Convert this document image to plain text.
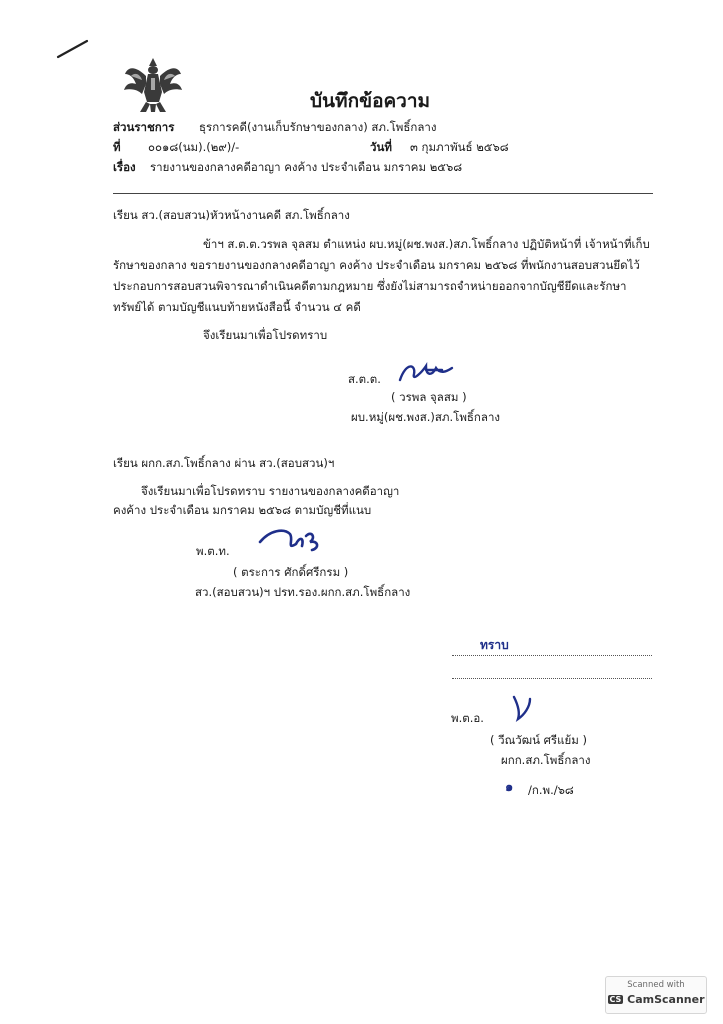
บันทึกข้อความ
ส่วนราชการ ธุรการคดี(งานเก็บรักษาของกลาง) สภ.โพธิ์กลาง
ที่ ๐๐๑๘(นม).(๒๙)/-	วันที่ ๓ กุมภาพันธ์ ๒๕๖๘
เรื่อง รายงานของกลางคดีอาญา คงค้าง ประจำเดือน มกราคม ๒๕๖๘
เรียน สว.(สอบสวน)หัวหน้างานคดี สภ.โพธิ์กลาง
ข้าฯ ส.ต.ต.วรพล จุลสม ตำแหน่ง ผบ.หมู่(ผช.พงส.)สภ.โพธิ์กลาง ปฏิบัติหน้าที่ เจ้าหน้าที่เก็บ
รักษาของกลาง ขอรายงานของกลางคดีอาญา คงค้าง ประจำเดือน มกราคม ๒๕๖๘ ที่พนักงานสอบสวนยึดไว้
ประกอบการสอบสวนพิจารณาดำเนินคดีตามกฎหมาย ซึ่งยังไม่สามารถจำหน่ายออกจากบัญชียึดและรักษา
ทรัพย์ได้ ตามบัญชีแนบท้ายหนังสือนี้ จำนวน ๔ คดี
จึงเรียนมาเพื่อโปรดทราบ
ส.ต.ต.
( วรพล จุลสม )
ผบ.หมู่(ผช.พงส.)สภ.โพธิ์กลาง
เรียน ผกก.สภ.โพธิ์กลาง ผ่าน สว.(สอบสวน)ฯ
จึงเรียนมาเพื่อโปรดทราบ รายงานของกลางคดีอาญา
คงค้าง ประจำเดือน มกราคม ๒๕๖๘ ตามบัญชีที่แนบ
พ.ต.ท.
( ตระการ ศักดิ์ศรีกรม )
สว.(สอบสวน)ฯ ปรท.รอง.ผกก.สภ.โพธิ์กลาง
ทราบ
พ.ต.อ.
( วีณวัฒน์ ศรีแย้ม )
ผกก.สภ.โพธิ์กลาง
๑ /ก.พ./๖๘
Scanned with
CS CamScanner
